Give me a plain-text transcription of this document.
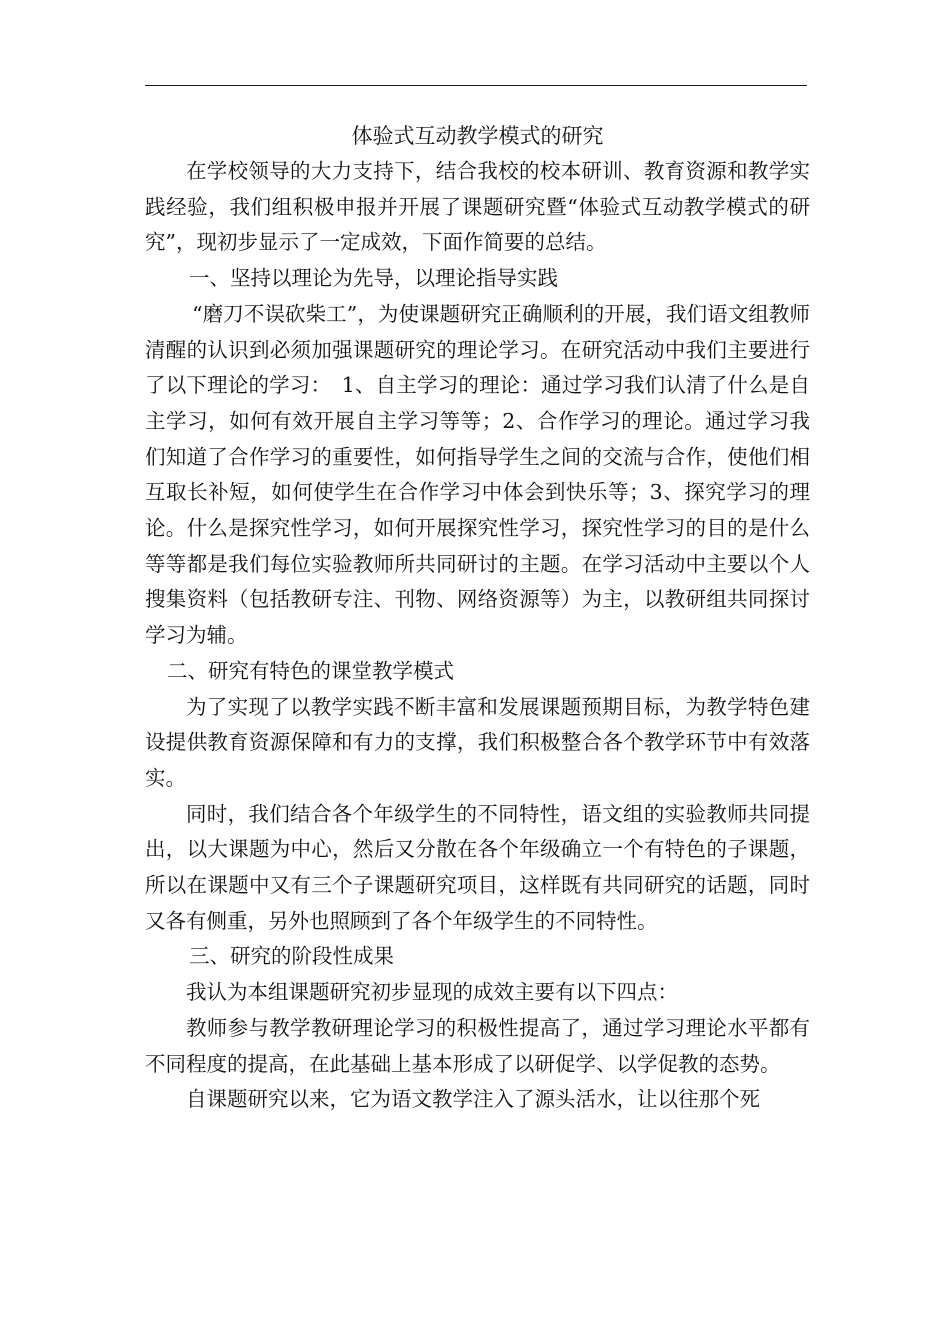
体验式互动教学模式的研究

在学校领导的大力支持下，结合我校的校本研训、教育资源和教学实践经验，我们组积极申报并开展了课题研究暨“体验式互动教学模式的研究”，现初步显示了一定成效，下面作简要的总结。

一、坚持以理论为先导，以理论指导实践

“磨刀不误砍柴工”，为使课题研究正确顺利的开展，我们语文组教师清醒的认识到必须加强课题研究的理论学习。在研究活动中我们主要进行了以下理论的学习：　1、自主学习的理论：通过学习我们认清了什么是自主学习，如何有效开展自主学习等等；2、合作学习的理论。通过学习我们知道了合作学习的重要性，如何指导学生之间的交流与合作，使他们相互取长补短，如何使学生在合作学习中体会到快乐等；3、探究学习的理论。什么是探究性学习，如何开展探究性学习，探究性学习的目的是什么等等都是我们每位实验教师所共同研讨的主题。在学习活动中主要以个人搜集资料（包括教研专注、刊物、网络资源等）为主，以教研组共同探讨学习为辅。

二、研究有特色的课堂教学模式

为了实现了以教学实践不断丰富和发展课题预期目标，为教学特色建设提供教育资源保障和有力的支撑，我们积极整合各个教学环节中有效落实。

同时，我们结合各个年级学生的不同特性，语文组的实验教师共同提出，以大课题为中心，然后又分散在各个年级确立一个有特色的子课题，所以在课题中又有三个子课题研究项目，这样既有共同研究的话题，同时又各有侧重，另外也照顾到了各个年级学生的不同特性。

三、研究的阶段性成果

我认为本组课题研究初步显现的成效主要有以下四点：

教师参与教学教研理论学习的积极性提高了，通过学习理论水平都有不同程度的提高，在此基础上基本形成了以研促学、以学促教的态势。

自课题研究以来，它为语文教学注入了源头活水，让以往那个死
